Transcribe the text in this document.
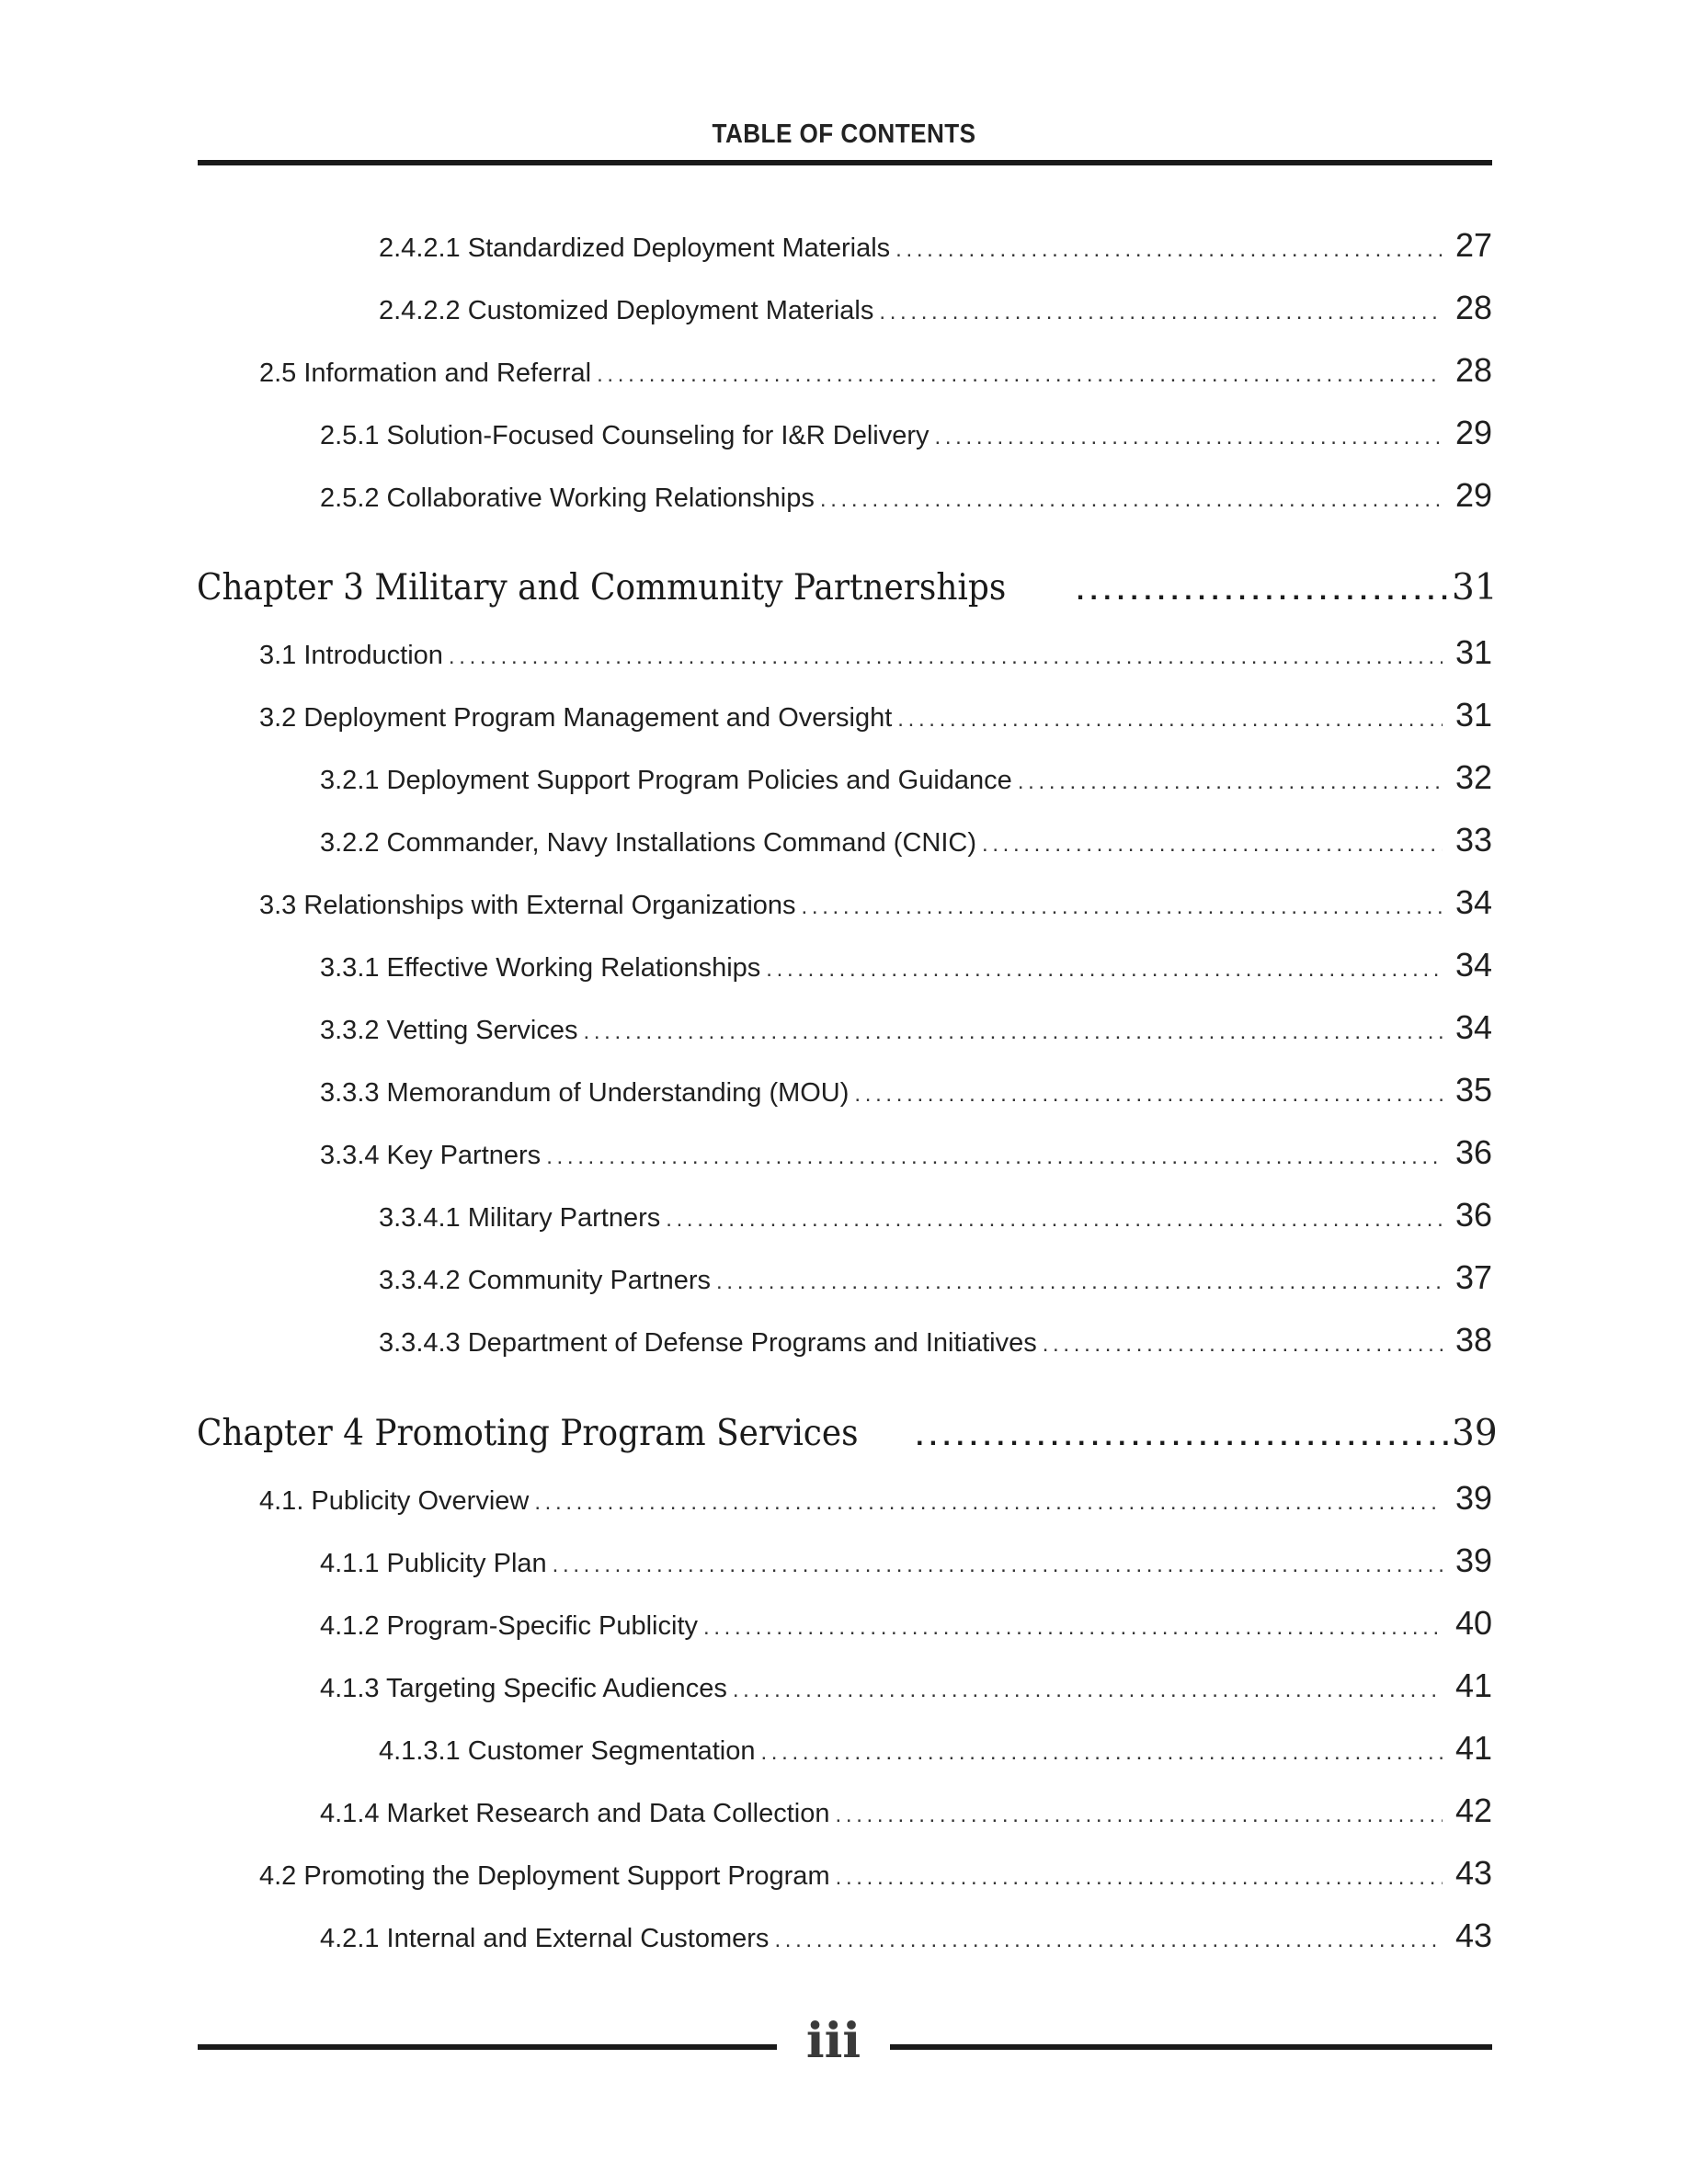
TABLE OF CONTENTS
2.4.2.1 Standardized Deployment Materials . . .	27
2.4.2.2 Customized Deployment Materials . . .	28
2.5 Information and Referral . . .	28
2.5.1 Solution-Focused Counseling for I&R Delivery . . .	29
2.5.2 Collaborative Working Relationships . . .	29
Chapter 3 Military and Community Partnerships . . .	31
3.1 Introduction . . .	31
3.2 Deployment Program Management and Oversight . . .	31
3.2.1 Deployment Support Program Policies and Guidance . . .	32
3.2.2 Commander, Navy Installations Command (CNIC) . . .	33
3.3 Relationships with External Organizations . . .	34
3.3.1 Effective Working Relationships . . .	34
3.3.2 Vetting Services . . .	34
3.3.3 Memorandum of Understanding (MOU) . . .	35
3.3.4 Key Partners . . .	36
3.3.4.1 Military Partners . . .	36
3.3.4.2 Community Partners . . .	37
3.3.4.3 Department of Defense Programs and Initiatives . . .	38
Chapter 4 Promoting Program Services . . .	39
4.1. Publicity Overview . . .	39
4.1.1 Publicity Plan . . .	39
4.1.2 Program-Specific Publicity . . .	40
4.1.3 Targeting Specific Audiences . . .	41
4.1.3.1 Customer Segmentation . . .	41
4.1.4 Market Research and Data Collection . . .	42
4.2 Promoting the Deployment Support Program . . .	43
4.2.1 Internal and External Customers . . .	43
iii
